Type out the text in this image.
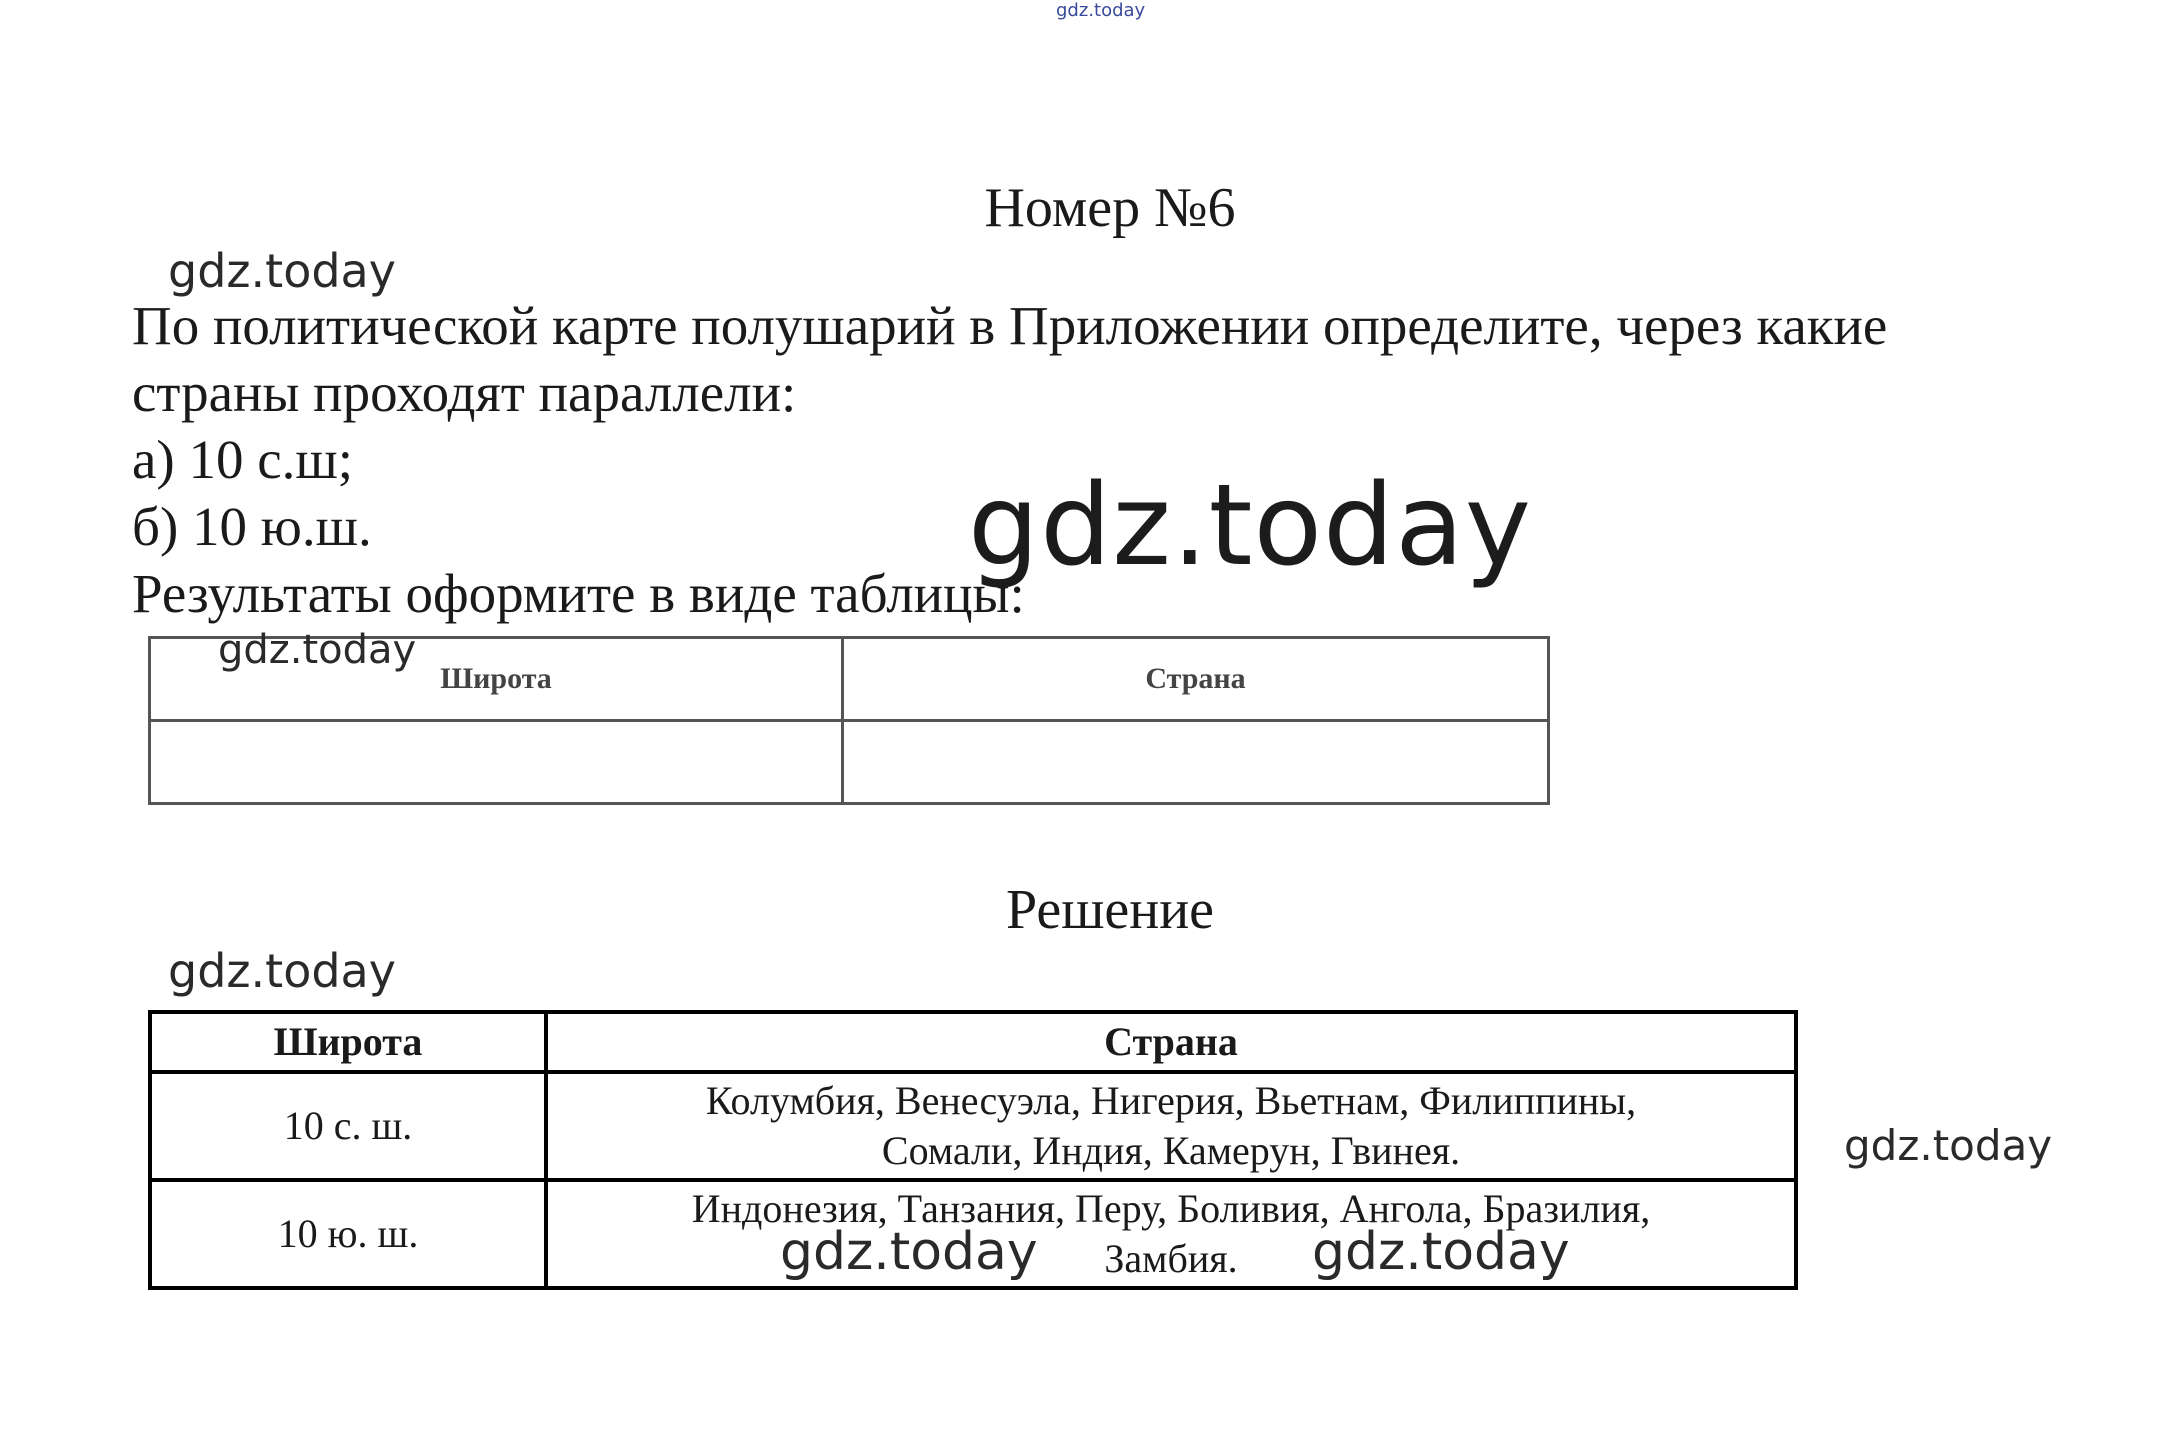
gdz.today
Номер №6
По политической карте полушарий в Приложении определите, через какие
страны проходят параллели:
а) 10 с.ш;
б) 10 ю.ш.
Результаты оформите в виде таблицы:
Широта	Страна

Решение
Широта	Страна
10 с. ш.	Колумбия, Венесуэла, Нигерия, Вьетнам, Филиппины,
Сомали, Индия, Камерун, Гвинея.

10 ю. ш.	Индонезия, Танзания, Перу, Боливия, Ангола, Бразилия,
Замбия.
gdz.today
gdz.today
gdz.today
gdz.today
gdz.today
gdz.today	gdz.today
